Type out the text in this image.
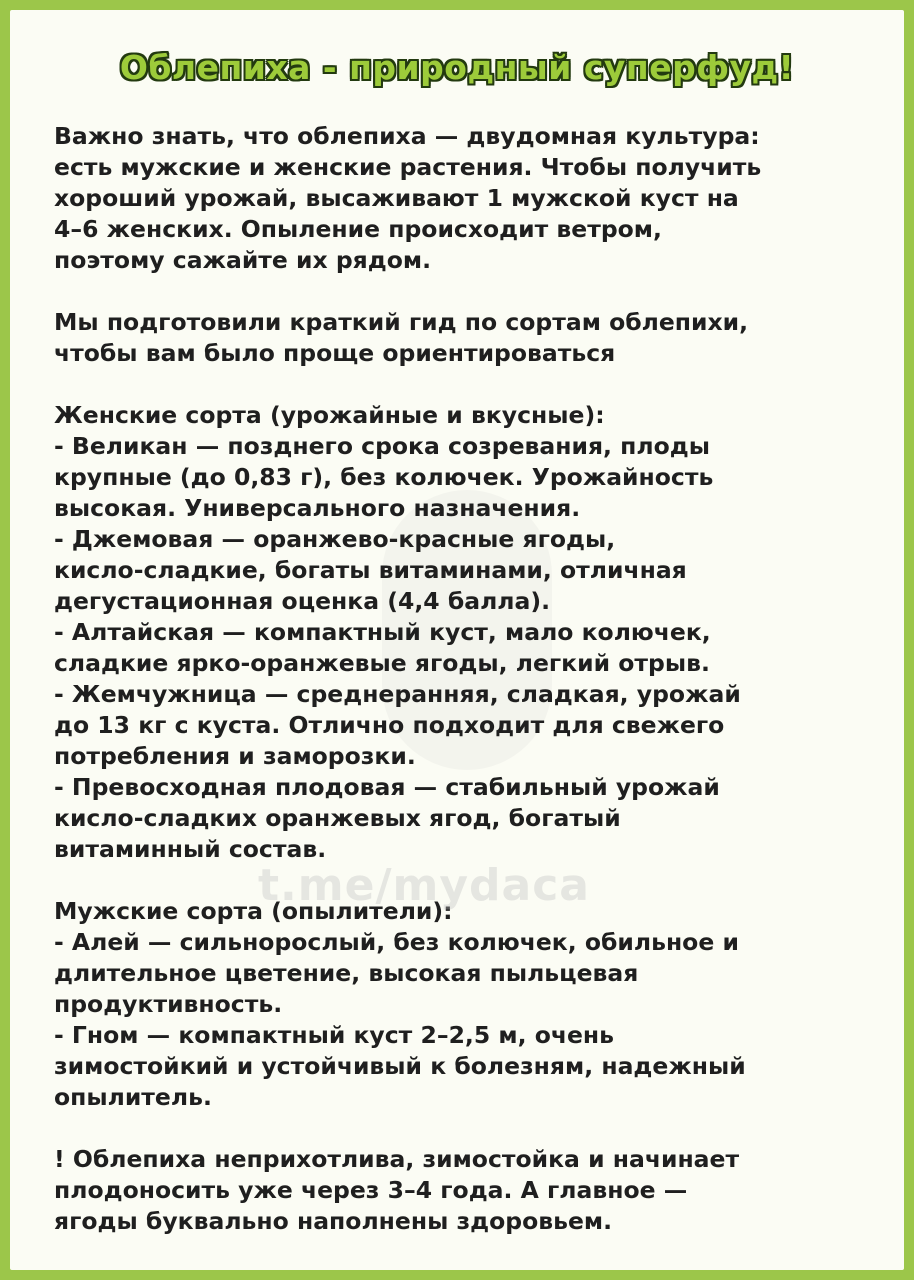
Облепиха - природный суперфуд!
Важно знать, что облепиха — двудомная культура:
есть мужские и женские растения. Чтобы получить
хороший урожай, высаживают 1 мужской куст на
4–6 женских. Опыление происходит ветром,
поэтому сажайте их рядом.
Мы подготовили краткий гид по сортам облепихи,
чтобы вам было проще ориентироваться
Женские сорта (урожайные и вкусные):
- Великан — позднего срока созревания, плоды
крупные (до 0,83 г), без колючек. Урожайность
высокая. Универсального назначения.
- Джемовая — оранжево-красные ягоды,
кисло-сладкие, богаты витаминами, отличная
дегустационная оценка (4,4 балла).
- Алтайская — компактный куст, мало колючек,
сладкие ярко-оранжевые ягоды, легкий отрыв.
- Жемчужница — среднеранняя, сладкая, урожай
до 13 кг с куста. Отлично подходит для свежего
потребления и заморозки.
- Превосходная плодовая — стабильный урожай
кисло-сладких оранжевых ягод, богатый
витаминный состав.
Мужские сорта (опылители):
- Алей — сильнорослый, без колючек, обильное и
длительное цветение, высокая пыльцевая
продуктивность.
- Гном — компактный куст 2–2,5 м, очень
зимостойкий и устойчивый к болезням, надежный
опылитель.
! Облепиха неприхотлива, зимостойка и начинает
плодоносить уже через 3–4 года. А главное —
ягоды буквально наполнены здоровьем.
t.me/mydaca
